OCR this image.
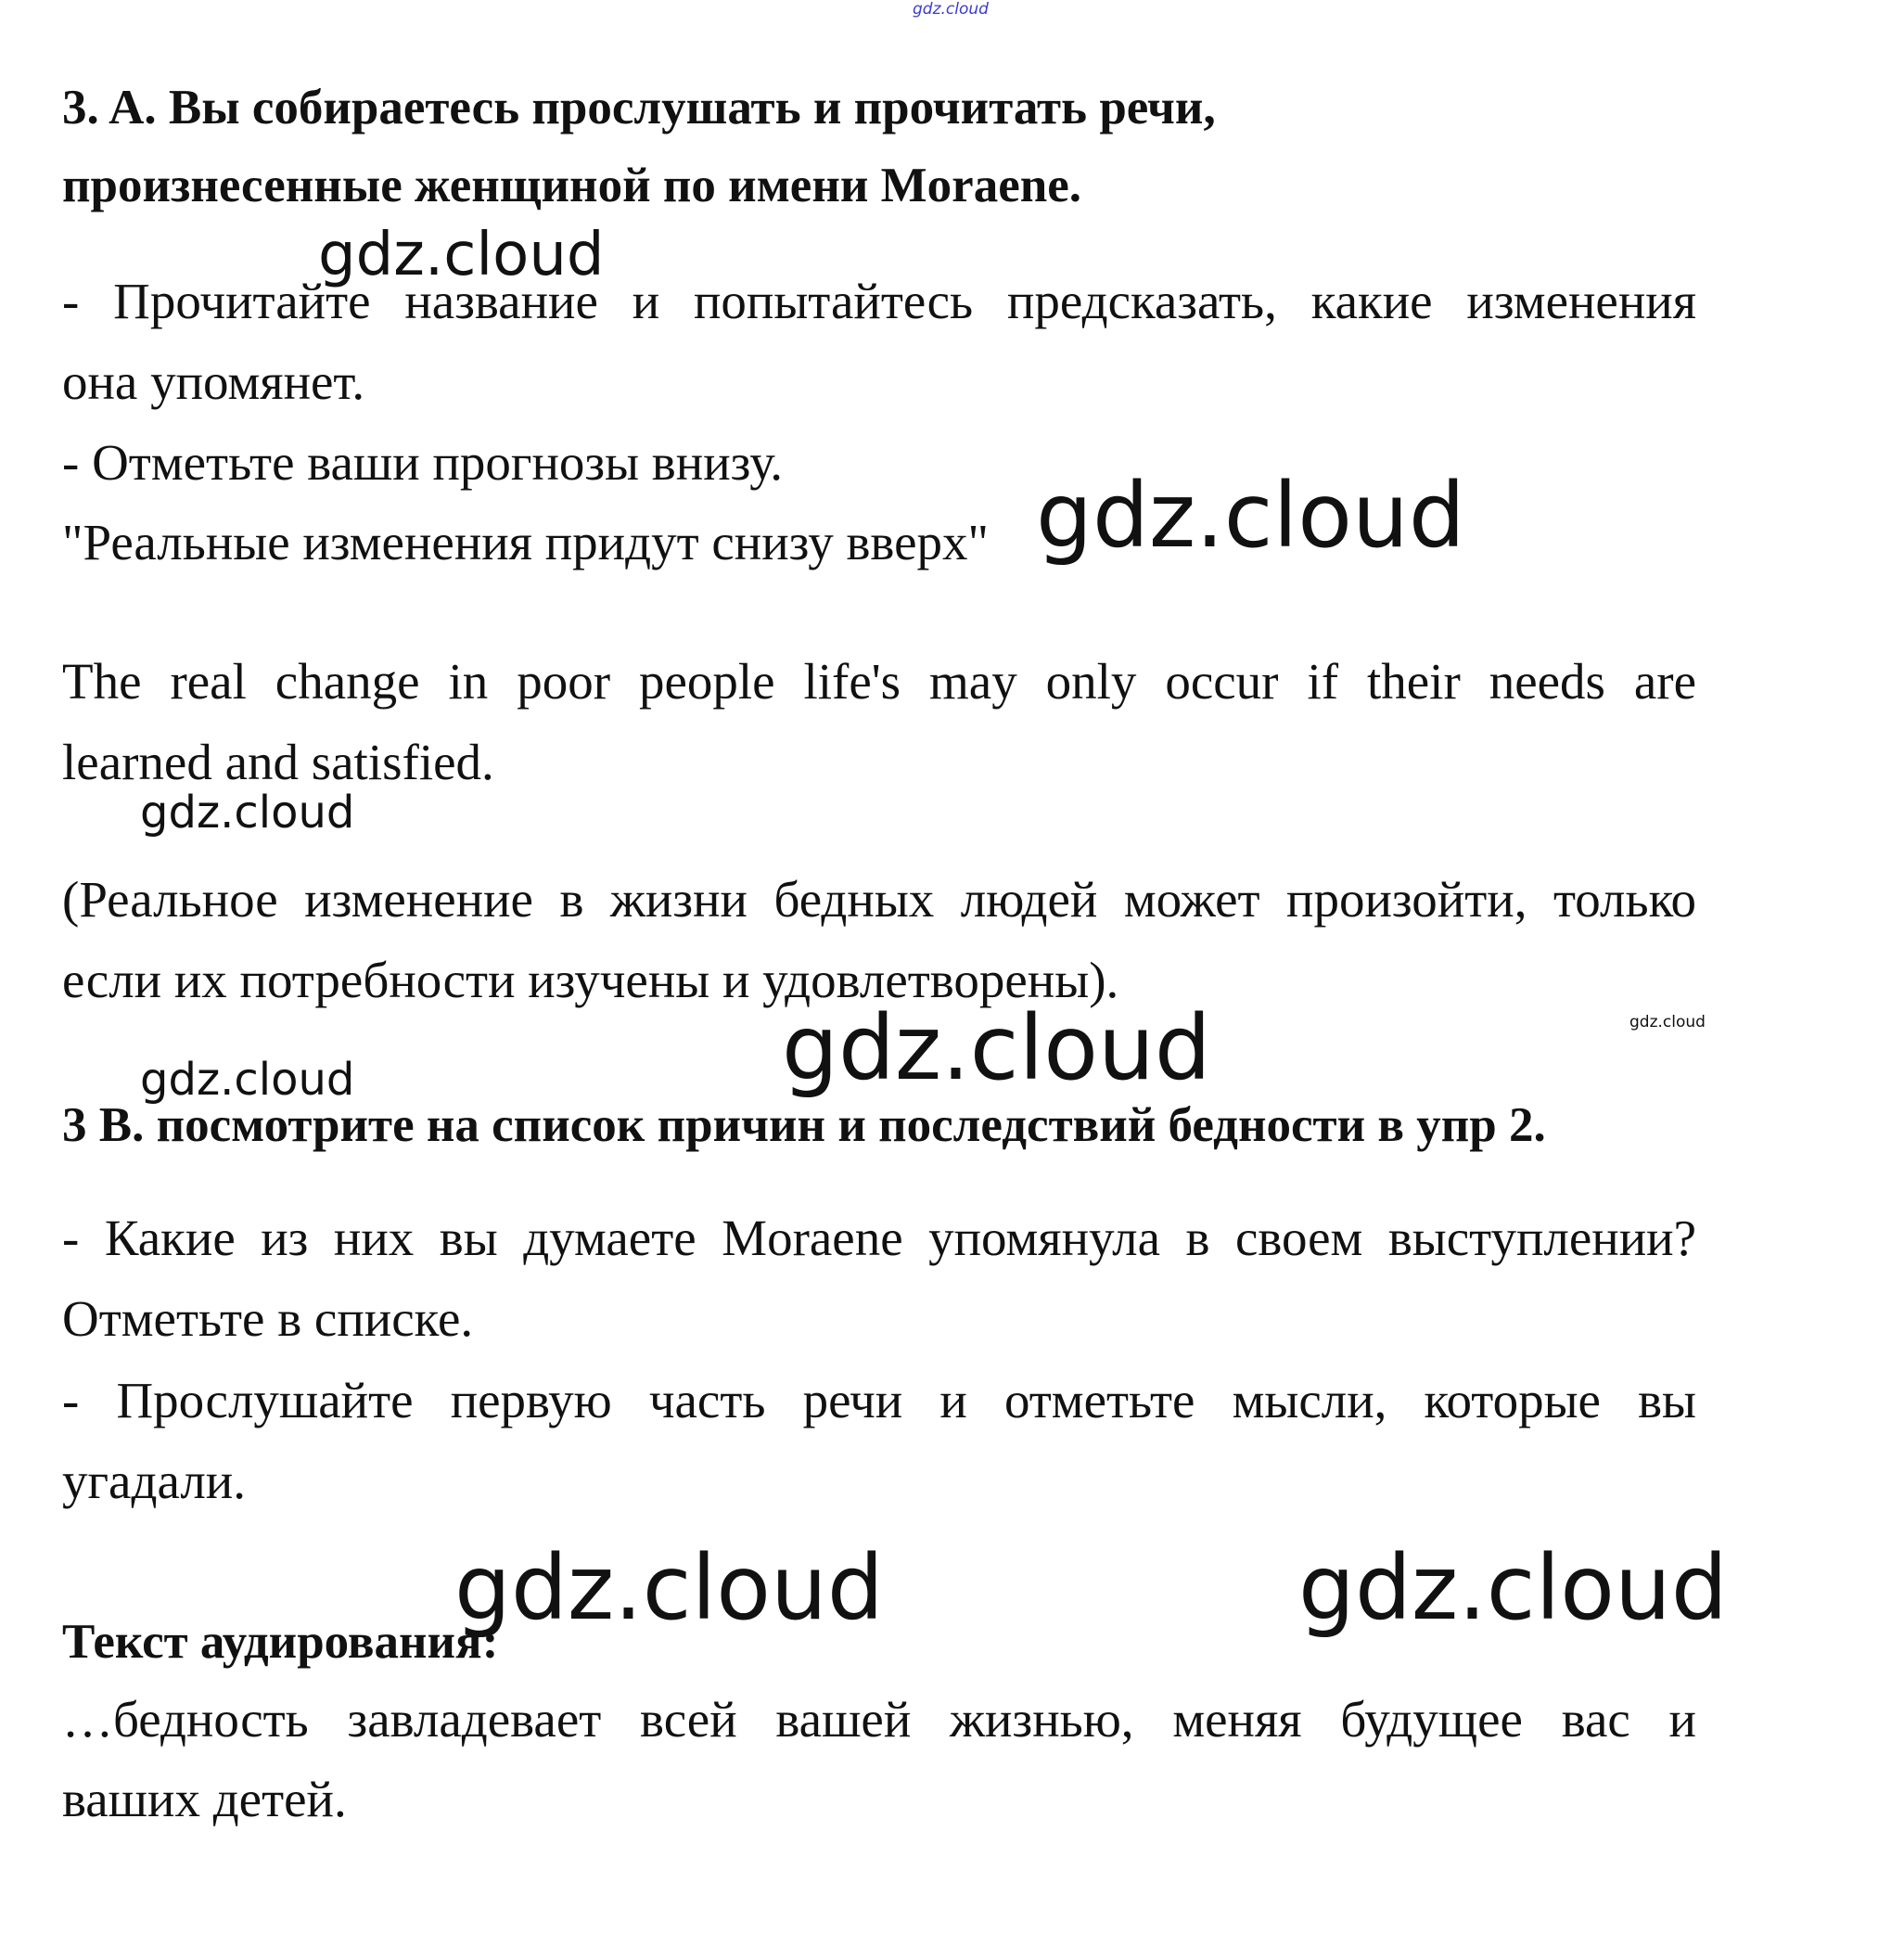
gdz.cloud

3. A. Вы собираетесь прослушать и прочитать речи,

произнесенные женщиной по имени Moraene.

- Прочитайте название и попытайтесь предсказать, какие изменения

она упомянет.

- Отметьте ваши прогнозы внизу.

"Реальные изменения придут снизу вверх"

The real change in poor people life's may only occur if their needs are

learned and satisfied.

(Реальное изменение в жизни бедных людей может произойти, только

если их потребности изучены и удовлетворены).

3 B. посмотрите на список причин и последствий бедности в упр 2.

- Какие из них вы думаете Moraene упомянула в своем выступлении?

Отметьте в списке.

- Прослушайте первую часть речи и отметьте мысли, которые вы

угадали.

Текст аудирования:

…бедность завладевает всей вашей жизнью, меняя будущее вас и

ваших детей.

gdz.cloud
gdz.cloud
gdz.cloud
gdz.cloud
gdz.cloud
gdz.cloud
gdz.cloud	gdz.cloud
